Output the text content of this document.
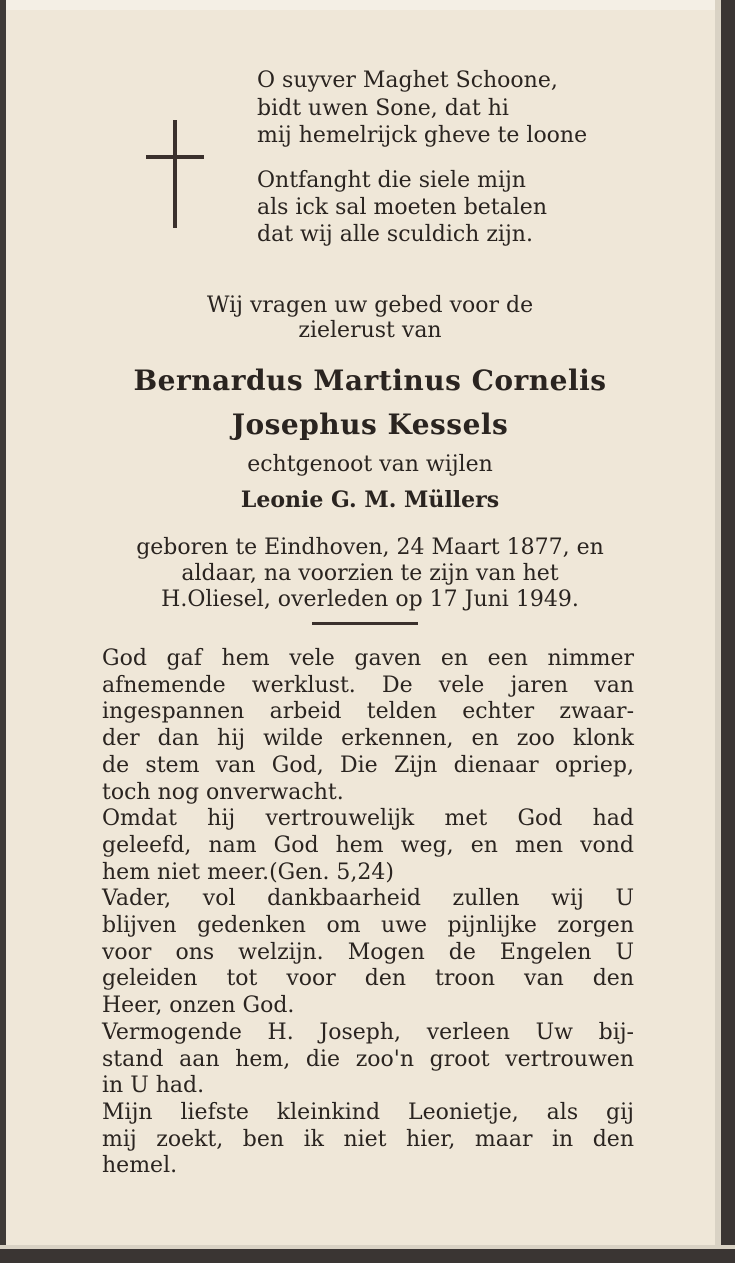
O suyver Maghet Schoone,
bidt uwen Sone, dat hi
mij hemelrijck gheve te loone
Ontfanght die siele mijn
als ick sal moeten betalen
dat wij alle sculdich zijn.
Wij vragen uw gebed voor de
zielerust van
Bernardus Martinus Cornelis
Josephus Kessels
echtgenoot van wijlen
Leonie G. M. Müllers
geboren te Eindhoven, 24 Maart 1877, en
aldaar, na voorzien te zijn van het
H.Oliesel, overleden op 17 Juni 1949.
God gaf hem vele gaven en een nimmer
afnemende werklust. De vele jaren van
ingespannen arbeid telden echter zwaar-
der dan hij wilde erkennen, en zoo klonk
de stem van God, Die Zijn dienaar opriep,
toch nog onverwacht.
Omdat hij vertrouwelijk met God had
geleefd, nam God hem weg, en men vond
hem niet meer.(Gen. 5,24)
Vader, vol dankbaarheid zullen wij U
blijven gedenken om uwe pijnlijke zorgen
voor ons welzijn. Mogen de Engelen U
geleiden tot voor den troon van den
Heer, onzen God.
Vermogende H. Joseph, verleen Uw bij-
stand aan hem, die zoo'n groot vertrouwen
in U had.
Mijn liefste kleinkind Leonietje, als gij
mij zoekt, ben ik niet hier, maar in den
hemel.
